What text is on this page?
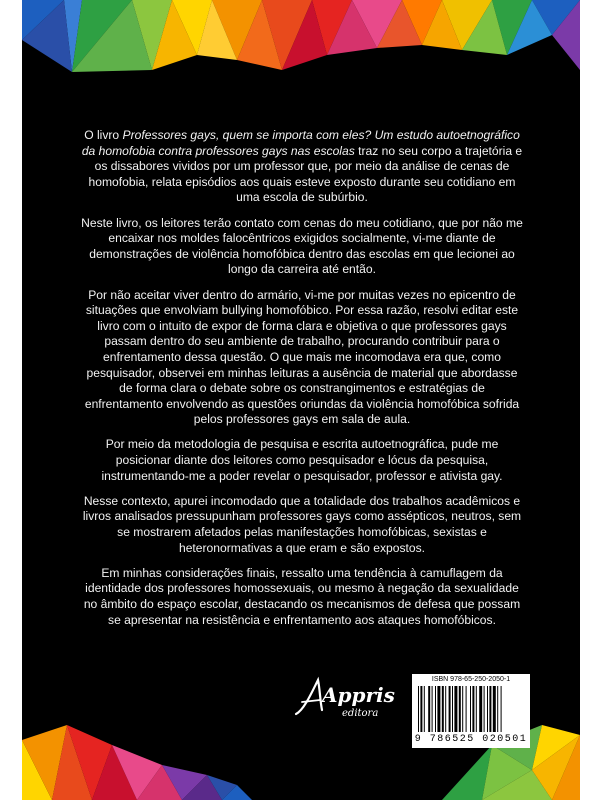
O livro Professores gays, quem se importa com eles? Um estudo autoetnográfico da homofobia contra professores gays nas escolas traz no seu corpo a trajetória e os dissabores vividos por um professor que, por meio da análise de cenas de homofobia, relata episódios aos quais esteve exposto durante seu cotidiano em uma escola de subúrbio.

Neste livro, os leitores terão contato com cenas do meu cotidiano, que por não me encaixar nos moldes falocêntricos exigidos socialmente, vi-me diante de demonstrações de violência homofóbica dentro das escolas em que lecionei ao longo da carreira até então.

Por não aceitar viver dentro do armário, vi-me por muitas vezes no epicentro de situações que envolviam bullying homofóbico. Por essa razão, resolvi editar este livro com o intuito de expor de forma clara e objetiva o que professores gays passam dentro do seu ambiente de trabalho, procurando contribuir para o enfrentamento dessa questão. O que mais me incomodava era que, como pesquisador, observei em minhas leituras a ausência de material que abordasse de forma clara o debate sobre os constrangimentos e estratégias de enfrentamento envolvendo as questões oriundas da violência homofóbica sofrida pelos professores gays em sala de aula.

Por meio da metodologia de pesquisa e escrita autoetnográfica, pude me posicionar diante dos leitores como pesquisador e lócus da pesquisa, instrumentando-me a poder revelar o pesquisador, professor e ativista gay.

Nesse contexto, apurei incomodado que a totalidade dos trabalhos acadêmicos e livros analisados pressupunham professores gays como assépticos, neutros, sem se mostrarem afetados pelas manifestações homofóbicas, sexistas e heteronormativas a que eram e são expostos.

Em minhas considerações finais, ressalto uma tendência à camuflagem da identidade dos professores homossexuais, ou mesmo à negação da sexualidade no âmbito do espaço escolar, destacando os mecanismos de defesa que possam se apresentar na resistência e enfrentamento aos ataques homofóbicos.

Appris
editora
ISBN 978-65-250-2050-1
9 786525 020501
